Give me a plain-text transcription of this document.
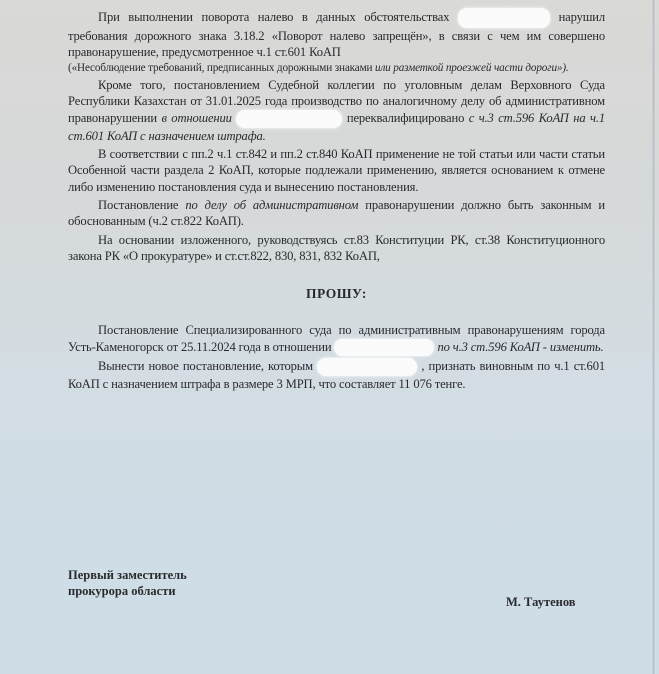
При выполнении поворота налево в данных обстоятельствах	нарушил требования дорожного знака 3.18.2 «Поворот налево запрещён», в связи с чем им совершено правонарушение, предусмотренное ч.1 ст.601 КоАП

(«Несоблюдение требований, предписанных дорожными знаками или разметкой проезжей части дороги»).

Кроме того, постановлением Судебной коллегии по уголовным делам Верховного Суда Республики Казахстан от 31.01.2025 года производство по аналогичному делу об административном правонарушении в отношении	переквалифицировано с ч.3 ст.596 КоАП на ч.1 ст.601 КоАП с назначением штрафа.

В соответствии с пп.2 ч.1 ст.842 и пп.2 ст.840 КоАП применение не той статьи или части статьи Особенной части раздела 2 КоАП, которые подлежали применению, является основанием к отмене либо изменению постановления суда и вынесению постановления.

Постановление по делу об административном правонарушении должно быть законным и обоснованным (ч.2 ст.822 КоАП).

На основании изложенного, руководствуясь ст.83 Конституции РК, ст.38 Конституционного закона РК «О прокуратуре» и ст.ст.822, 830, 831, 832 КоАП,

ПРОШУ:

Постановление Специализированного суда по административным правонарушениям города Усть-Каменогорск от 25.11.2024 года в отношении	по ч.3 ст.596 КоАП - изменить.

Вынести новое постановление, которым	, признать виновным по ч.1 ст.601 КоАП с назначением штрафа в размере 3 МРП, что составляет 11 076 тенге.

Первый заместитель
прокурора области
М. Таутенов
